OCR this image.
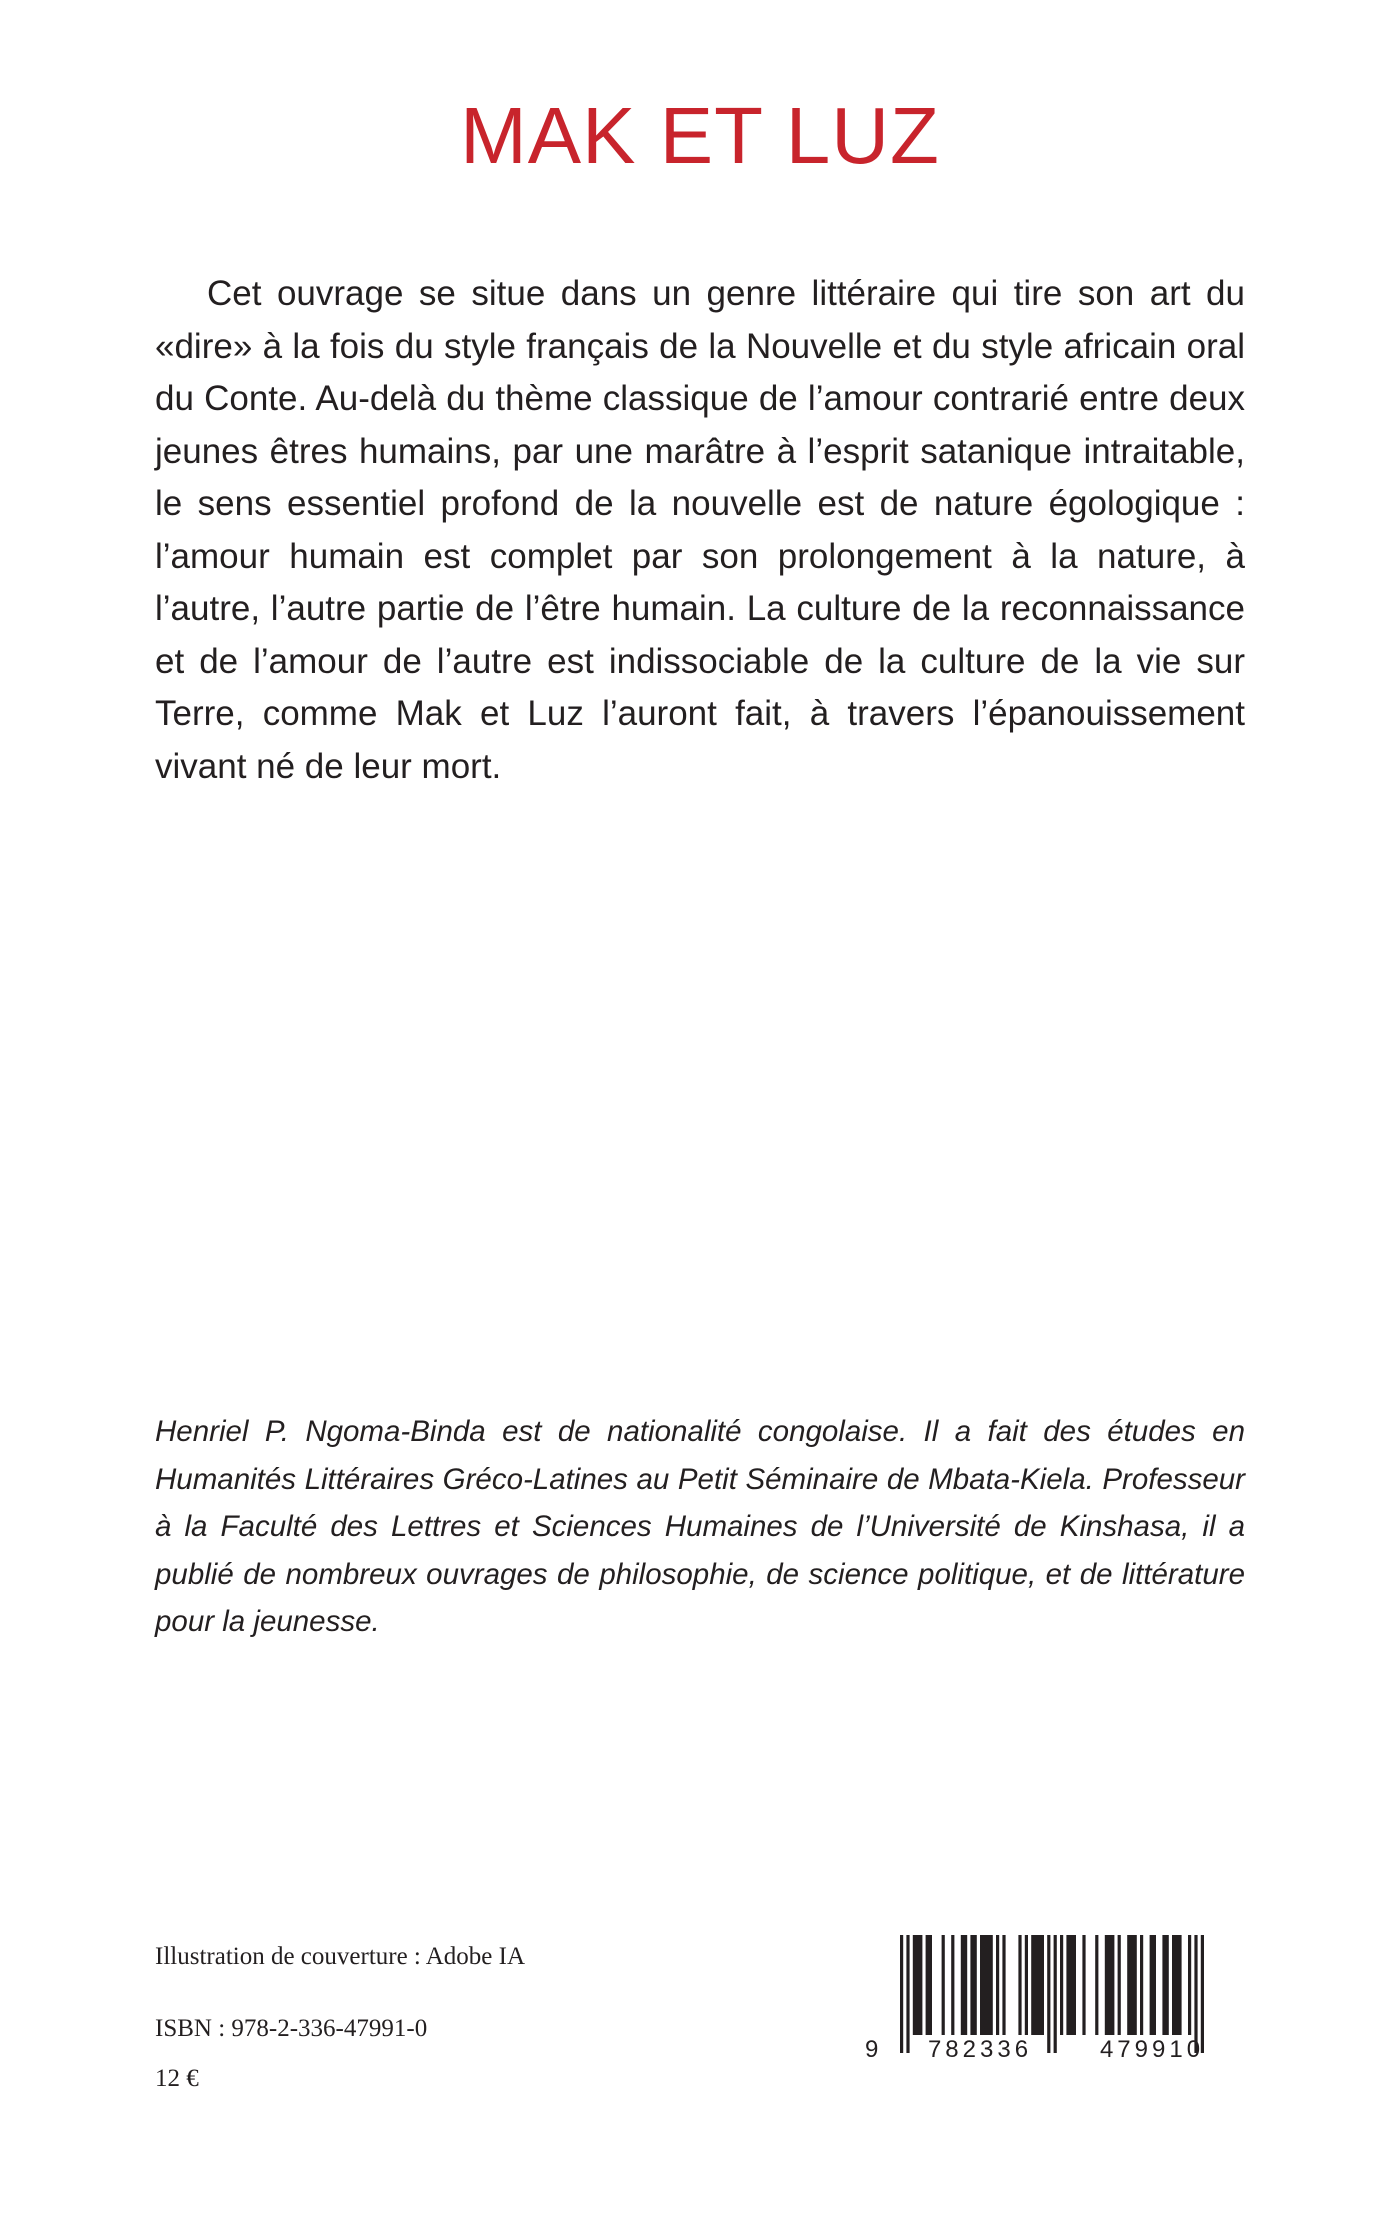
MAK ET LUZ

Cet ouvrage se situe dans un genre littéraire qui tire son art du «dire» à la fois du style français de la Nouvelle et du style africain oral du Conte. Au-delà du thème classique de l’amour contrarié entre deux jeunes êtres humains, par une marâtre à l’esprit satanique intraitable, le sens essentiel profond de la nouvelle est de nature égologique : l’amour humain est complet par son prolongement à la nature, à l’autre, l’autre partie de l’être humain. La culture de la reconnaissance et de l’amour de l’autre est indissociable de la culture de la vie sur Terre, comme Mak et Luz l’auront fait, à travers l’épanouissement vivant né de leur mort.

Henriel P. Ngoma-Binda est de nationalité congolaise. Il a fait des études en Humanités Littéraires Gréco-Latines au Petit Séminaire de Mbata-Kiela. Professeur à la Faculté des Lettres et Sciences Humaines de l’Université de Kinshasa, il a publié de nombreux ouvrages de philosophie, de science politique, et de littérature pour la jeunesse.

Illustration de couverture : Adobe IA

ISBN : 978-2-336-47991-0

12 €

9	782336	479910
